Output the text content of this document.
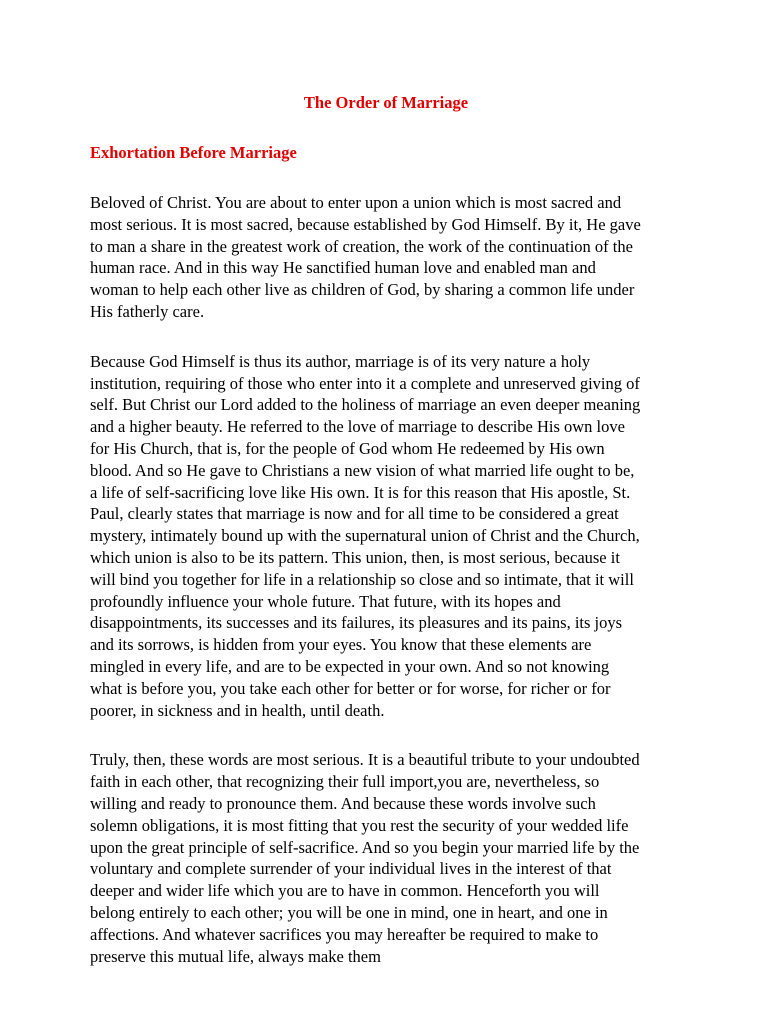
The Order of Marriage
Exhortation Before Marriage
Beloved of Christ. You are about to enter upon a union which is most sacred and
most serious. It is most sacred, because established by God Himself. By it, He gave
to man a share in the greatest work of creation, the work of the continuation of the
human race. And in this way He sanctified human love and enabled man and
woman to help each other live as children of God, by sharing a common life under
His fatherly care.
Because God Himself is thus its author, marriage is of its very nature a holy
institution, requiring of those who enter into it a complete and unreserved giving of
self. But Christ our Lord added to the holiness of marriage an even deeper meaning
and a higher beauty. He referred to the love of marriage to describe His own love
for His Church, that is, for the people of God whom He redeemed by His own
blood. And so He gave to Christians a new vision of what married life ought to be,
a life of self-sacrificing love like His own. It is for this reason that His apostle, St.
Paul, clearly states that marriage is now and for all time to be considered a great
mystery, intimately bound up with the supernatural union of Christ and the Church,
which union is also to be its pattern. This union, then, is most serious, because it
will bind you together for life in a relationship so close and so intimate, that it will
profoundly influence your whole future. That future, with its hopes and
disappointments, its successes and its failures, its pleasures and its pains, its joys
and its sorrows, is hidden from your eyes. You know that these elements are
mingled in every life, and are to be expected in your own. And so not knowing
what is before you, you take each other for better or for worse, for richer or for
poorer, in sickness and in health, until death.
Truly, then, these words are most serious. It is a beautiful tribute to your undoubted
faith in each other, that recognizing their full import,you are, nevertheless, so
willing and ready to pronounce them. And because these words involve such
solemn obligations, it is most fitting that you rest the security of your wedded life
upon the great principle of self-sacrifice. And so you begin your married life by the
voluntary and complete surrender of your individual lives in the interest of that
deeper and wider life which you are to have in common. Henceforth you will
belong entirely to each other; you will be one in mind, one in heart, and one in
affections. And whatever sacrifices you may hereafter be required to make to
preserve this mutual life, always make them
